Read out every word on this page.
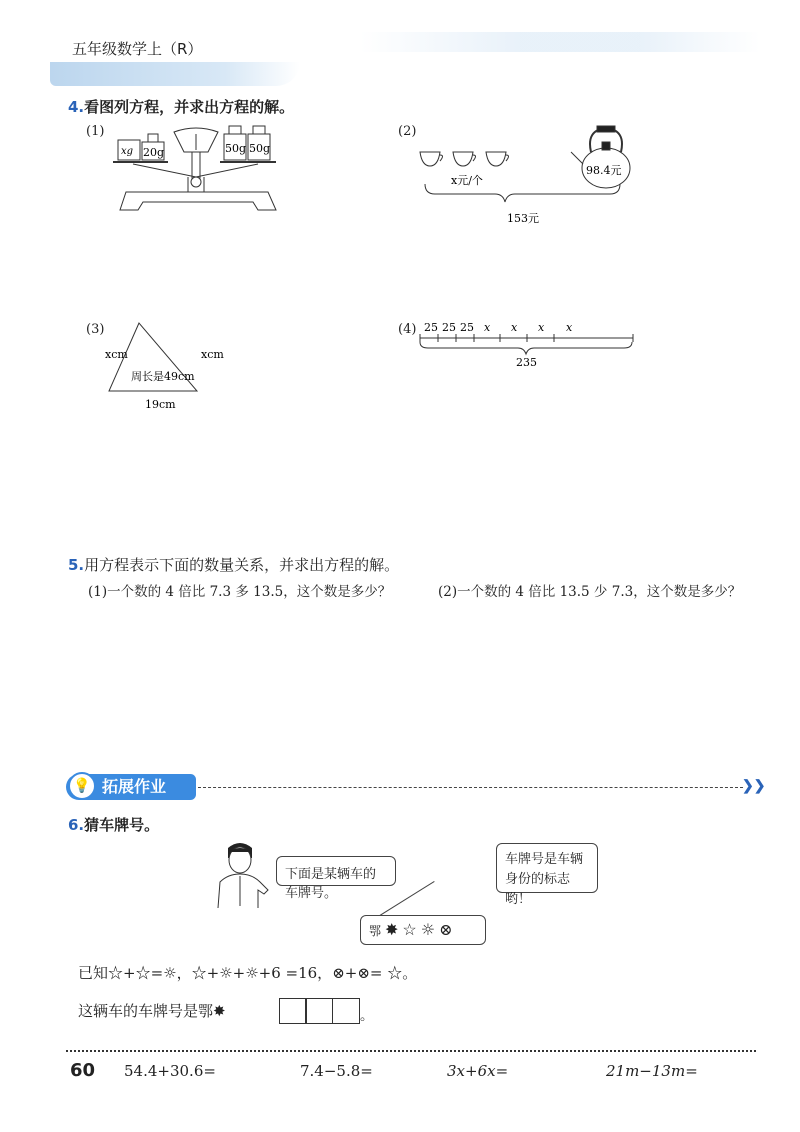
五年级数学上（R）
4.看图列方程，并求出方程的解。
(1)
xg 20g	50g 50g
(2)
x元/个
98.4元
153元
(3)
xcm	xcm
周长是49cm
19cm
(4) 25 25 25 x x x x
235
5.用方程表示下面的数量关系，并求出方程的解。
(1)一个数的 4 倍比 7.3 多 13.5，这个数是多少？	(2)一个数的 4 倍比 13.5 少 7.3，这个数是多少？
拓展作业
💡	❯❯
6.猜车牌号。
下面是某辆车的车牌号。
车牌号是车辆身份的标志哟！
鄂✸☆☼⊗
已知☆+☆=☼，☆+☼+☼+6 =16，⊗+⊗= ☆。
这辆车的车牌号是鄂✸	。
60 54.4+30.6=	7.4−5.8=	3x+6x=	21m−13m=
